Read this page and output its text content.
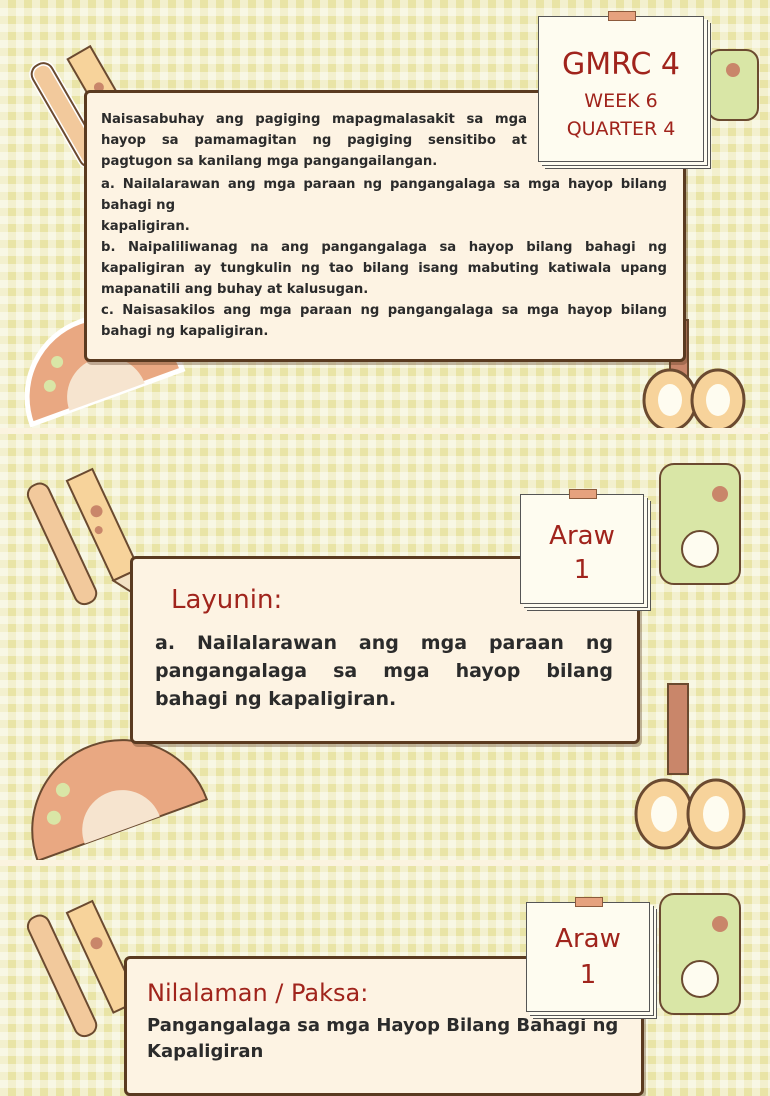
Naisasabuhay ang pagiging mapagmalasakit sa mga hayop sa pamamagitan ng pagiging sensitibo at pagtugon sa kanilang mga pangangailangan.
a. Nailalarawan ang mga paraan ng pangangalaga sa mga hayop bilang bahagi ng
kapaligiran.
b. Naipaliliwanag na ang pangangalaga sa hayop bilang bahagi ng kapaligiran ay tungkulin ng tao bilang isang mabuting katiwala upang mapanatili ang buhay at kalusugan.
c. Naisasakilos ang mga paraan ng pangangalaga sa mga hayop bilang bahagi ng kapaligiran.
GMRC 4
WEEK 6
QUARTER 4
Layunin:
a. Nailalarawan ang mga paraan ng pangangalaga sa mga hayop bilang bahagi ng kapaligiran.
Araw
1
Nilalaman / Paksa:
Pangangalaga sa mga Hayop Bilang Bahagi ng Kapaligiran
Araw
1
